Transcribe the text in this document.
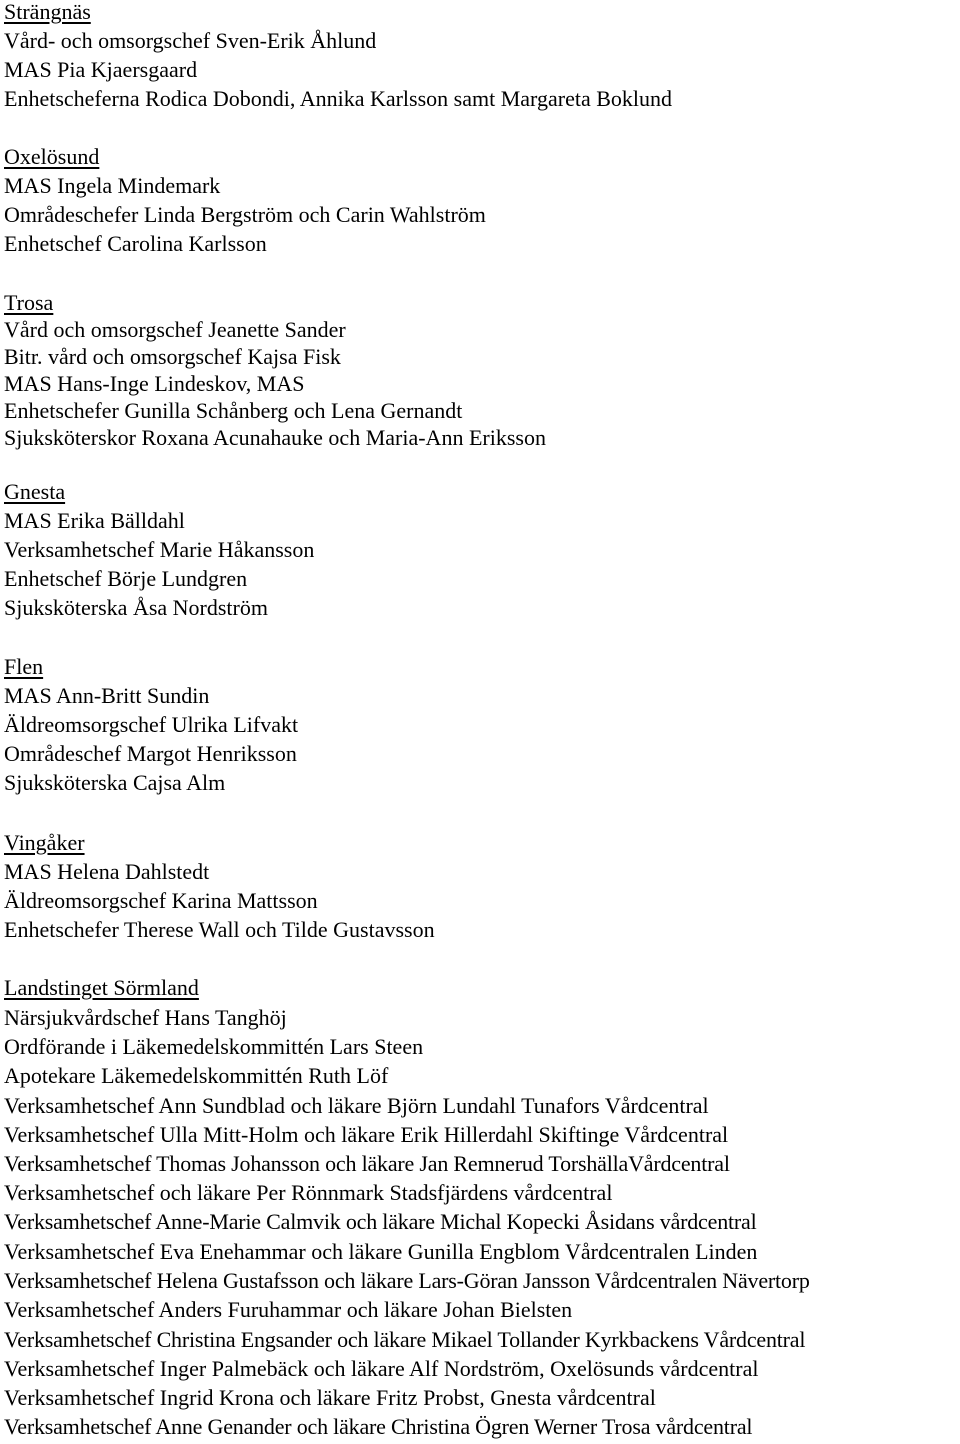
Strängnäs
Vård- och omsorgschef Sven-Erik Åhlund
MAS Pia Kjaersgaard
Enhetscheferna Rodica Dobondi, Annika Karlsson samt Margareta Boklund
Oxelösund
MAS Ingela Mindemark
Områdeschefer Linda Bergström och Carin Wahlström
Enhetschef Carolina Karlsson
Trosa
Vård och omsorgschef Jeanette Sander
Bitr. vård och omsorgschef Kajsa Fisk
MAS Hans-Inge Lindeskov, MAS
Enhetschefer Gunilla Schånberg och Lena Gernandt
Sjuksköterskor Roxana Acunahauke och Maria-Ann Eriksson
Gnesta
MAS Erika Bälldahl
Verksamhetschef Marie Håkansson
Enhetschef Börje Lundgren
Sjuksköterska Åsa Nordström
Flen
MAS Ann-Britt Sundin
Äldreomsorgschef Ulrika Lifvakt
Områdeschef Margot Henriksson
Sjuksköterska Cajsa Alm
Vingåker
MAS Helena Dahlstedt
Äldreomsorgschef Karina Mattsson
Enhetschefer Therese Wall och Tilde Gustavsson
Landstinget Sörmland
Närsjukvårdschef Hans Tanghöj
Ordförande i Läkemedelskommittén Lars Steen
Apotekare Läkemedelskommittén Ruth Löf
Verksamhetschef Ann Sundblad och läkare Björn Lundahl Tunafors Vårdcentral
Verksamhetschef Ulla Mitt-Holm och läkare Erik Hillerdahl Skiftinge Vårdcentral
Verksamhetschef Thomas Johansson och läkare Jan Remnerud TorshällaVårdcentral
Verksamhetschef och läkare Per Rönnmark Stadsfjärdens vårdcentral
Verksamhetschef Anne-Marie Calmvik och läkare Michal Kopecki Åsidans vårdcentral
Verksamhetschef Eva Enehammar och läkare Gunilla Engblom Vårdcentralen Linden
Verksamhetschef Helena Gustafsson och läkare Lars-Göran Jansson Vårdcentralen Nävertorp
Verksamhetschef Anders Furuhammar och läkare Johan Bielsten
Verksamhetschef Christina Engsander och läkare Mikael Tollander Kyrkbackens Vårdcentral
Verksamhetschef Inger Palmebäck och läkare Alf Nordström, Oxelösunds vårdcentral
Verksamhetschef Ingrid Krona och läkare Fritz Probst, Gnesta vårdcentral
Verksamhetschef Anne Genander och läkare Christina Ögren Werner Trosa vårdcentral
